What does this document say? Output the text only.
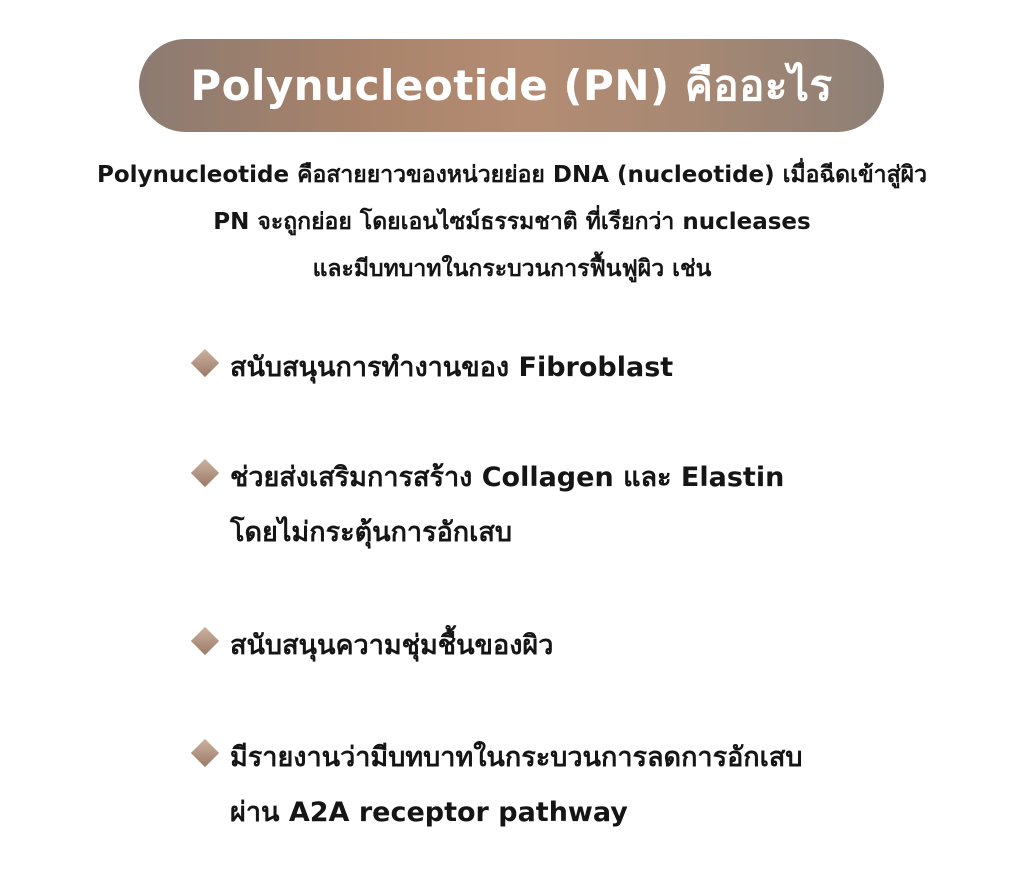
Polynucleotide (PN) คืออะไร
Polynucleotide คือสายยาวของหน่วยย่อย DNA (nucleotide) เมื่อฉีดเข้าสู่ผิว
PN จะถูกย่อย โดยเอนไซม์ธรรมชาติ ที่เรียกว่า nucleases
และมีบทบาทในกระบวนการฟื้นฟูผิว เช่น
สนับสนุนการทำงานของ Fibroblast
ช่วยส่งเสริมการสร้าง Collagen และ Elastin
โดยไม่กระตุ้นการอักเสบ
สนับสนุนความชุ่มชื้นของผิว
มีรายงานว่ามีบทบาทในกระบวนการลดการอักเสบ
ผ่าน A2A receptor pathway
